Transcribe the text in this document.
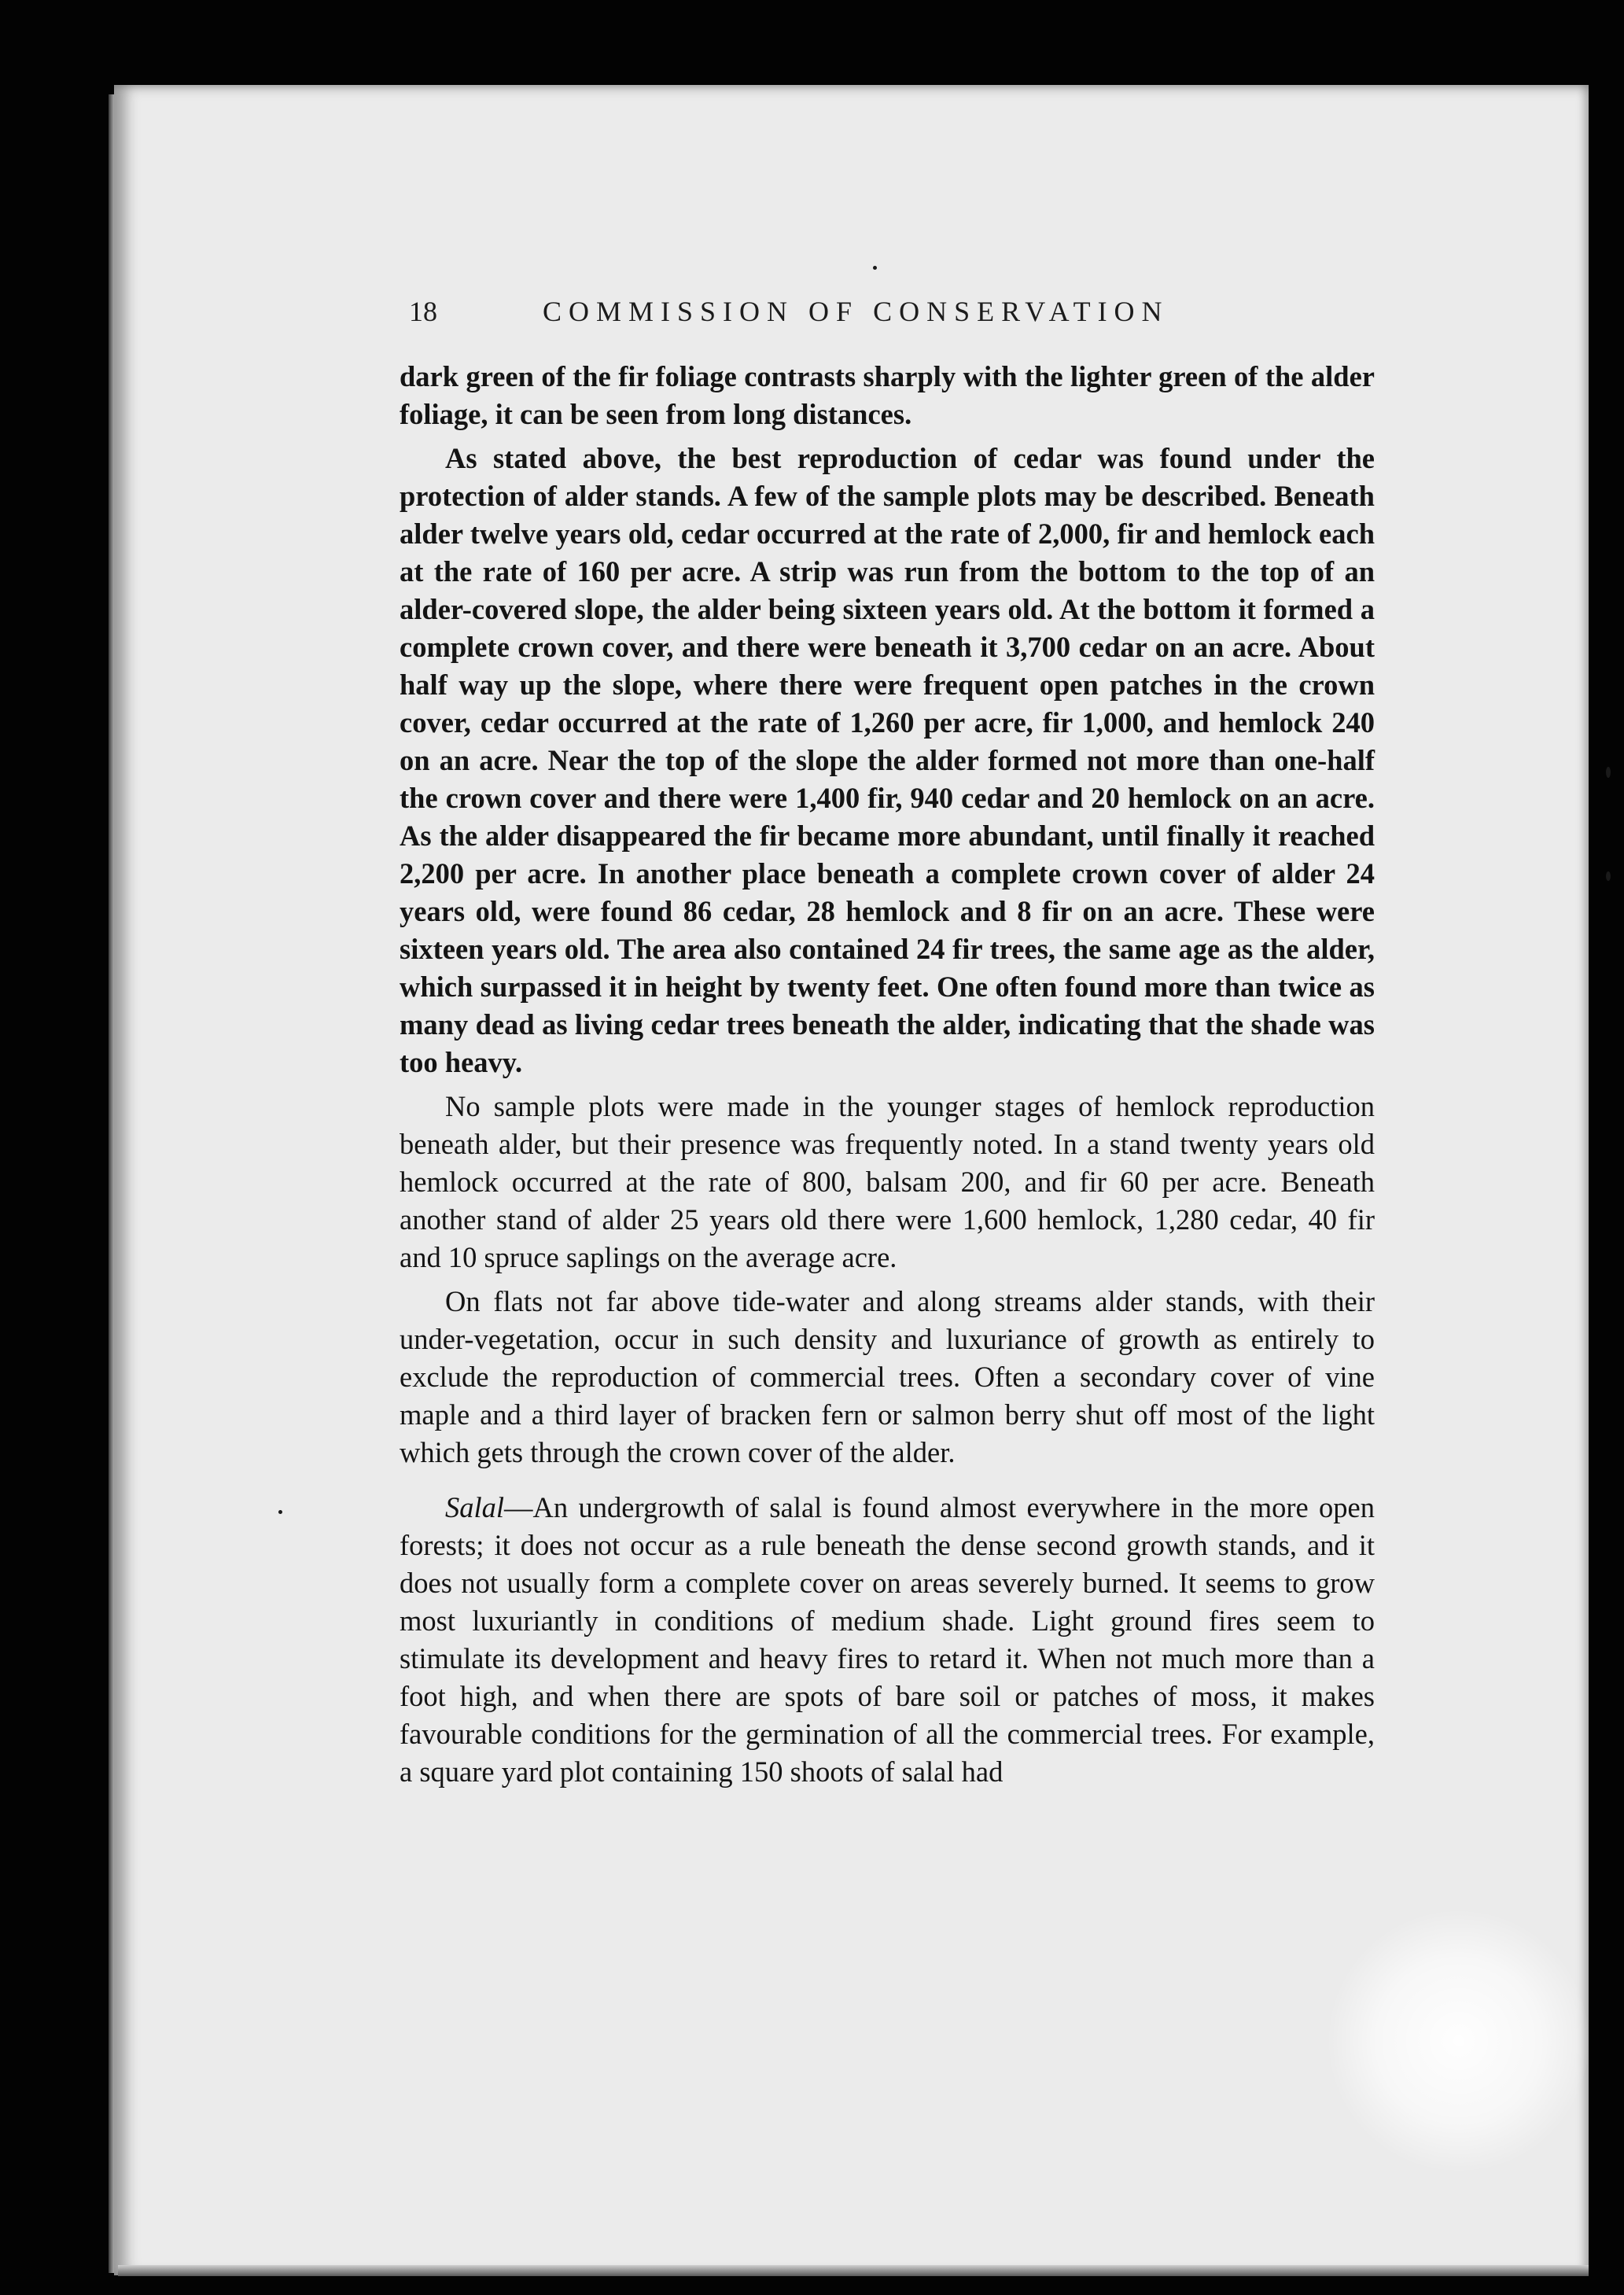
18	COMMISSION OF CONSERVATION

dark green of the fir foliage contrasts sharply with the lighter green of the alder foliage, it can be seen from long distances.

As stated above, the best reproduction of cedar was found under the protection of alder stands. A few of the sample plots may be described. Beneath alder twelve years old, cedar occurred at the rate of 2,000, fir and hemlock each at the rate of 160 per acre. A strip was run from the bottom to the top of an alder-covered slope, the alder being sixteen years old. At the bottom it formed a complete crown cover, and there were beneath it 3,700 cedar on an acre. About half way up the slope, where there were frequent open patches in the crown cover, cedar occurred at the rate of 1,260 per acre, fir 1,000, and hemlock 240 on an acre. Near the top of the slope the alder formed not more than one-half the crown cover and there were 1,400 fir, 940 cedar and 20 hemlock on an acre. As the alder disappeared the fir became more abundant, until finally it reached 2,200 per acre. In another place beneath a complete crown cover of alder 24 years old, were found 86 cedar, 28 hemlock and 8 fir on an acre. These were sixteen years old. The area also contained 24 fir trees, the same age as the alder, which surpassed it in height by twenty feet. One often found more than twice as many dead as living cedar trees beneath the alder, indicating that the shade was too heavy.

No sample plots were made in the younger stages of hemlock reproduction beneath alder, but their presence was frequently noted. In a stand twenty years old hemlock occurred at the rate of 800, balsam 200, and fir 60 per acre. Beneath another stand of alder 25 years old there were 1,600 hemlock, 1,280 cedar, 40 fir and 10 spruce saplings on the average acre.

On flats not far above tide-water and along streams alder stands, with their under-vegetation, occur in such density and luxuriance of growth as entirely to exclude the reproduction of commercial trees. Often a secondary cover of vine maple and a third layer of bracken fern or salmon berry shut off most of the light which gets through the crown cover of the alder.

Salal—An undergrowth of salal is found almost everywhere in the more open forests; it does not occur as a rule beneath the dense second growth stands, and it does not usually form a complete cover on areas severely burned. It seems to grow most luxuriantly in conditions of medium shade. Light ground fires seem to stimulate its development and heavy fires to retard it. When not much more than a foot high, and when there are spots of bare soil or patches of moss, it makes favourable conditions for the germination of all the commercial trees. For example, a square yard plot containing 150 shoots of salal had
